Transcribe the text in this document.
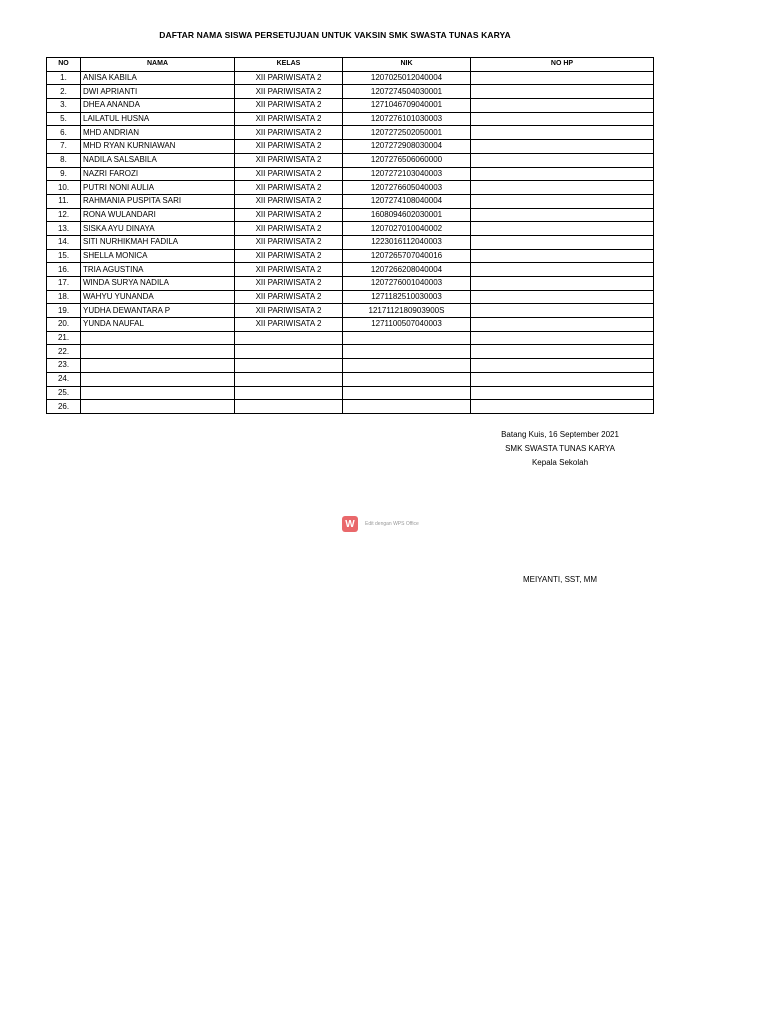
DAFTAR NAMA SISWA PERSETUJUAN UNTUK VAKSIN SMK SWASTA TUNAS KARYA
NO	NAMA	KELAS	NIK	NO HP
1.	ANISA KABILA	XII PARIWISATA 2	1207025012040004	
2.	DWI APRIANTI	XII PARIWISATA 2	1207274504030001	
3.	DHEA ANANDA	XII PARIWISATA 2	1271046709040001	
5.	LAILATUL HUSNA	XII PARIWISATA 2	1207276101030003	
6.	MHD ANDRIAN	XII PARIWISATA 2	1207272502050001	
7.	MHD RYAN KURNIAWAN	XII PARIWISATA 2	1207272908030004	
8.	NADILA SALSABILA	XII PARIWISATA 2	1207276506060000	
9.	NAZRI FAROZI	XII PARIWISATA 2	1207272103040003	
10.	PUTRI NONI AULIA	XII PARIWISATA 2	1207276605040003	
11.	RAHMANIA PUSPITA SARI	XII PARIWISATA 2	1207274108040004	
12.	RONA WULANDARI	XII PARIWISATA 2	1608094602030001	
13.	SISKA AYU DINAYA	XII PARIWISATA 2	1207027010040002	
14.	SITI NURHIKMAH FADILA	XII PARIWISATA 2	1223016112040003	
15.	SHELLA MONICA	XII PARIWISATA 2	1207265707040016	
16.	TRIA AGUSTINA	XII PARIWISATA 2	1207266208040004	
17.	WINDA SURYA NADILA	XII PARIWISATA 2	1207276001040003	
18.	WAHYU YUNANDA	XII PARIWISATA 2	1271182510030003	
19.	YUDHA DEWANTARA P	XII PARIWISATA 2	1217112180903900S	
20.	YUNDA NAUFAL	XII PARIWISATA 2	1271100507040003	
21.				
22.				
23.				
24.				
25.				
26.				
Batang Kuis, 16 September 2021
SMK SWASTA TUNAS KARYA
Kepala Sekolah
MEIYANTI, SST, MM
W	Edit dengan WPS Office
